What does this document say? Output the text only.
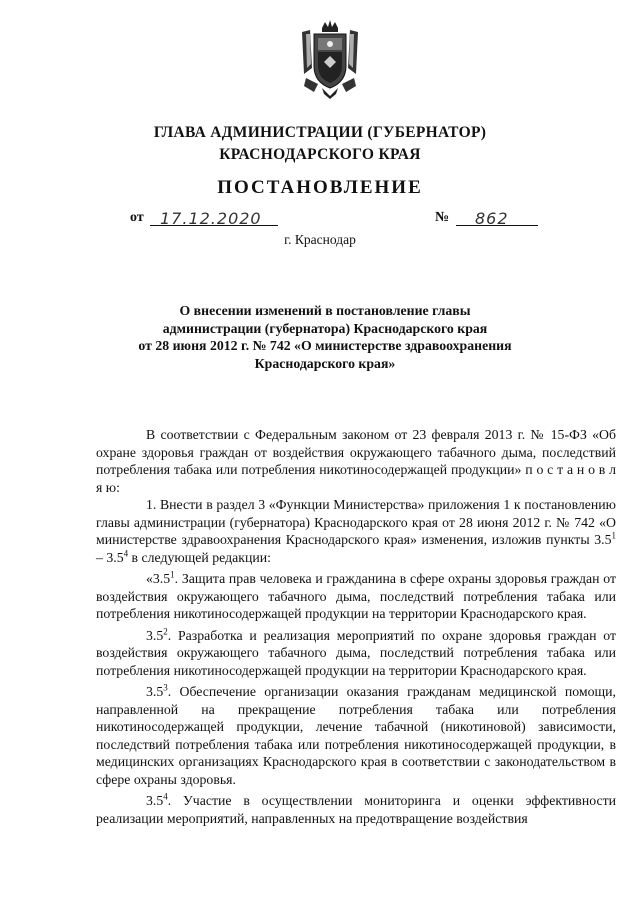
ГЛАВА АДМИНИСТРАЦИИ (ГУБЕРНАТОР)
КРАСНОДАРСКОГО КРАЯ
ПОСТАНОВЛЕНИЕ
от 17.12.2020	№ 862
г. Краснодар
О внесении изменений в постановление главы
администрации (губернатора) Краснодарского края
от 28 июня 2012 г. № 742 «О министерстве здравоохранения
Краснодарского края»

В соответствии с Федеральным законом от 23 февраля 2013 г. № 15-ФЗ «Об охране здоровья граждан от воздействия окружающего табачного дыма, последствий потребления табака или потребления никотиносодержащей продукции» п о с т а н о в л я ю:

1. Внести в раздел 3 «Функции Министерства» приложения 1 к постановлению главы администрации (губернатора) Краснодарского края от 28 июня 2012 г. № 742 «О министерстве здравоохранения Краснодарского края» изменения, изложив пункты $3.5^1 - 3.5^4$ в следующей редакции:

«$3.5^1$. Защита прав человека и гражданина в сфере охраны здоровья граждан от воздействия окружающего табачного дыма, последствий потребления табака или потребления никотиносодержащей продукции на территории Краснодарского края.

$3.5^2$. Разработка и реализация мероприятий по охране здоровья граждан от воздействия окружающего табачного дыма, последствий потребления табака или потребления никотиносодержащей продукции на территории Краснодарского края.

$3.5^3$. Обеспечение организации оказания гражданам медицинской помощи, направленной на прекращение потребления табака или потребления никотиносодержащей продукции, лечение табачной (никотиновой) зависимости, последствий потребления табака или потребления никотиносодержащей продукции, в медицинских организациях Краснодарского края в соответствии с законодательством в сфере охраны здоровья.

$3.5^4$. Участие в осуществлении мониторинга и оценки эффективности реализации мероприятий, направленных на предотвращение воздействия
